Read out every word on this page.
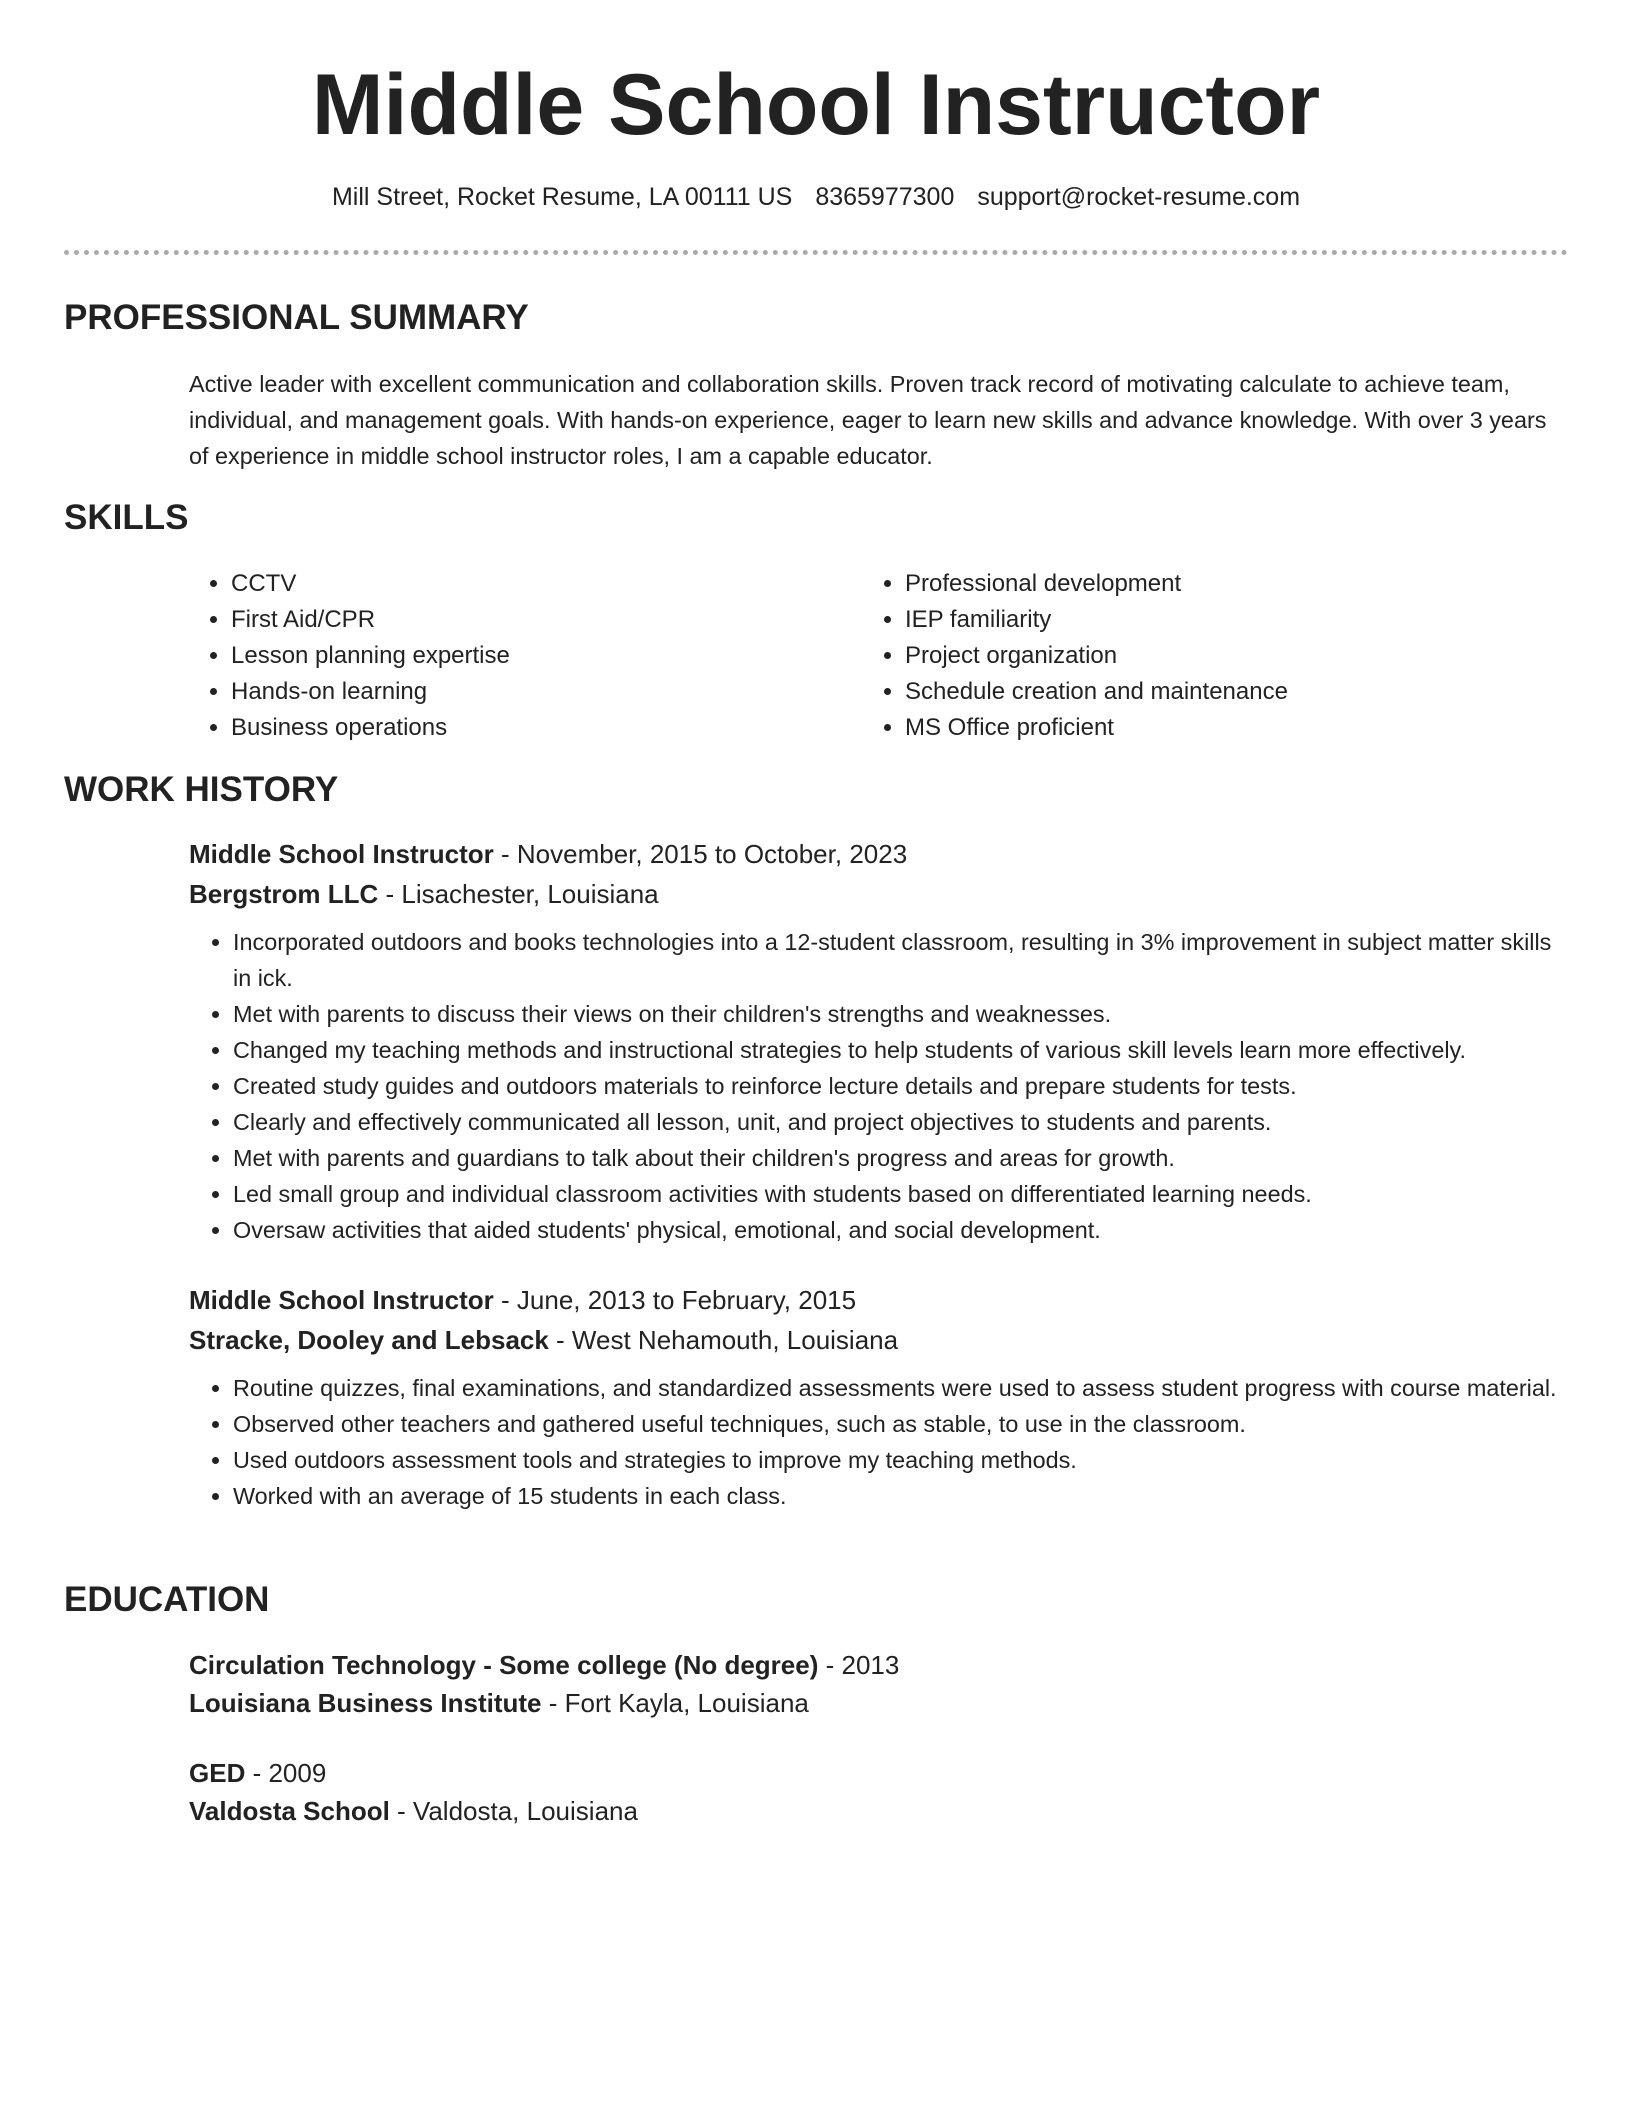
Middle School Instructor
Mill Street, Rocket Resume, LA 00111 US 8365977300 support@rocket-resume.com
PROFESSIONAL SUMMARY

Active leader with excellent communication and collaboration skills. Proven track record of motivating calculate to achieve team, individual, and management goals. With hands-on experience, eager to learn new skills and advance knowledge. With over 3 years of experience in middle school instructor roles, I am a capable educator.

SKILLS
• CCTV
• First Aid/CPR
• Lesson planning expertise
• Hands-on learning
• Business operations
• Professional development
• IEP familiarity
• Project organization
• Schedule creation and maintenance
• MS Office proficient
WORK HISTORY
Middle School Instructor - November, 2015 to October, 2023
Bergstrom LLC - Lisachester, Louisiana
• Incorporated outdoors and books technologies into a 12-student classroom, resulting in 3% improvement in subject matter skills in ick.
• Met with parents to discuss their views on their children's strengths and weaknesses.
• Changed my teaching methods and instructional strategies to help students of various skill levels learn more effectively.
• Created study guides and outdoors materials to reinforce lecture details and prepare students for tests.
• Clearly and effectively communicated all lesson, unit, and project objectives to students and parents.
• Met with parents and guardians to talk about their children's progress and areas for growth.
• Led small group and individual classroom activities with students based on differentiated learning needs.
• Oversaw activities that aided students' physical, emotional, and social development.
Middle School Instructor - June, 2013 to February, 2015
Stracke, Dooley and Lebsack - West Nehamouth, Louisiana
• Routine quizzes, final examinations, and standardized assessments were used to assess student progress with course material.
• Observed other teachers and gathered useful techniques, such as stable, to use in the classroom.
• Used outdoors assessment tools and strategies to improve my teaching methods.
• Worked with an average of 15 students in each class.
EDUCATION
Circulation Technology - Some college (No degree) - 2013
Louisiana Business Institute - Fort Kayla, Louisiana
GED - 2009
Valdosta School - Valdosta, Louisiana
